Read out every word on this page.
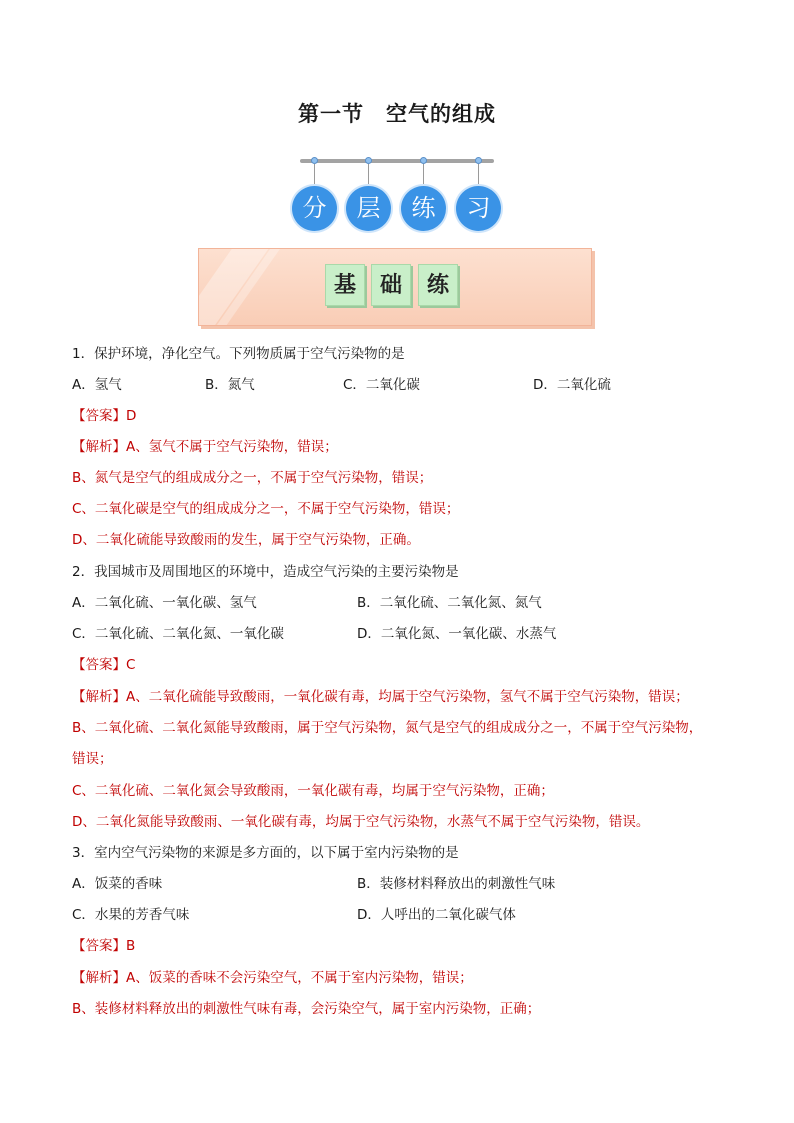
第一节　空气的组成
分	层	练	习
基	础	练
1．保护环境，净化空气。下列物质属于空气污染物的是
A．氢气	B．氮气	C．二氧化碳	D．二氧化硫
【答案】D
【解析】A、氢气不属于空气污染物，错误；
B、氮气是空气的组成成分之一，不属于空气污染物，错误；
C、二氧化碳是空气的组成成分之一，不属于空气污染物，错误；
D、二氧化硫能导致酸雨的发生，属于空气污染物，正确。
2．我国城市及周围地区的环境中，造成空气污染的主要污染物是
A．二氧化硫、一氧化碳、氢气	B．二氧化硫、二氧化氮、氮气
C．二氧化硫、二氧化氮、一氧化碳	D．二氧化氮、一氧化碳、水蒸气
【答案】C
【解析】A、二氧化硫能导致酸雨，一氧化碳有毒，均属于空气污染物，氢气不属于空气污染物，错误；
B、二氧化硫、二氧化氮能导致酸雨，属于空气污染物，氮气是空气的组成成分之一，不属于空气污染物，
错误；
C、二氧化硫、二氧化氮会导致酸雨，一氧化碳有毒，均属于空气污染物，正确；
D、二氧化氮能导致酸雨、一氧化碳有毒，均属于空气污染物，水蒸气不属于空气污染物，错误。
3．室内空气污染物的来源是多方面的，以下属于室内污染物的是
A．饭菜的香味	B．装修材料释放出的刺激性气味
C．水果的芳香气味	D．人呼出的二氧化碳气体
【答案】B
【解析】A、饭菜的香味不会污染空气，不属于室内污染物，错误；
B、装修材料释放出的刺激性气味有毒，会污染空气，属于室内污染物，正确；
